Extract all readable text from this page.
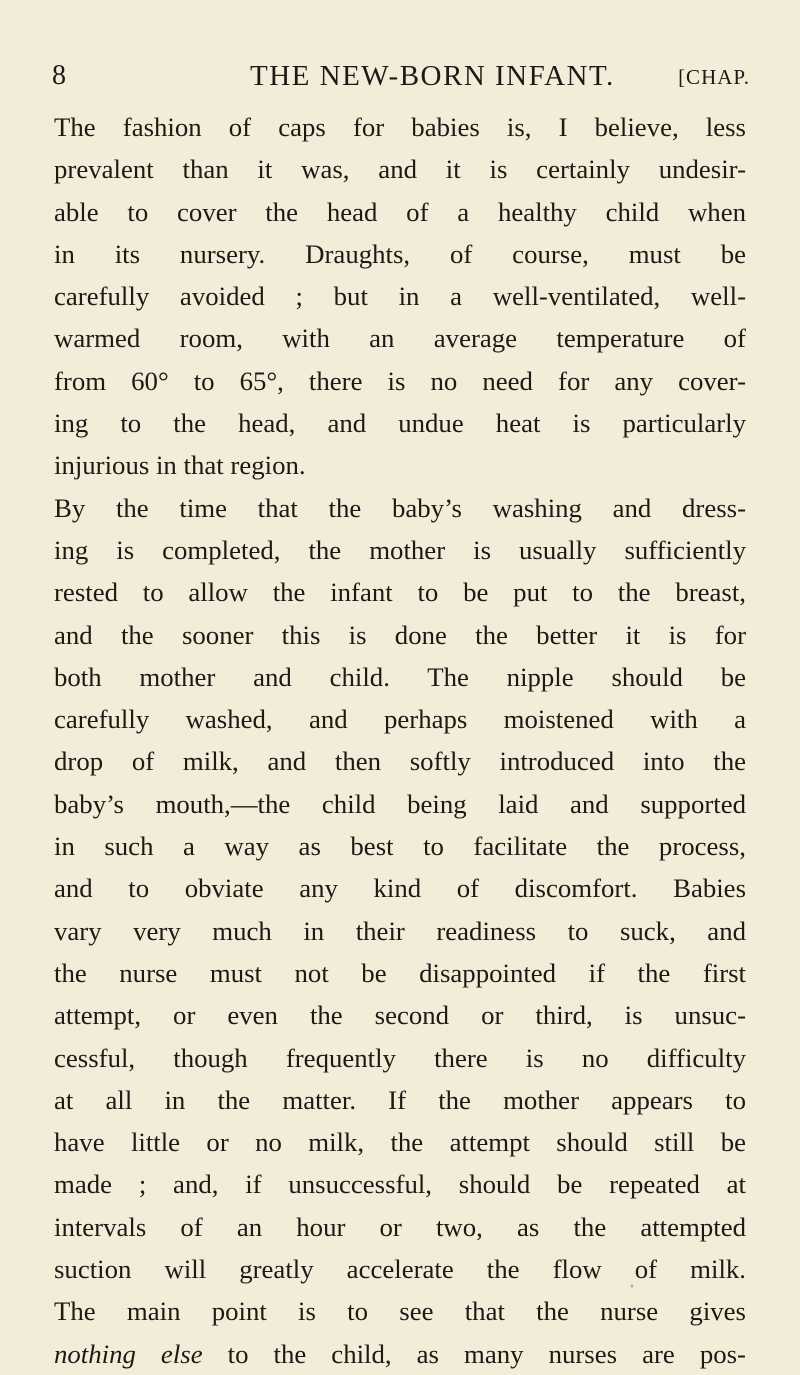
8	THE NEW-BORN INFANT.	[CHAP.
The fashion of caps for babies is, I believe, less
prevalent than it was, and it is certainly undesir-
able to cover the head of a healthy child when
in its nursery. Draughts, of course, must be
carefully avoided ; but in a well-ventilated, well-
warmed room, with an average temperature of
from 60° to 65°, there is no need for any cover-
ing to the head, and undue heat is particularly
injurious in that region.
By the time that the baby’s washing and dress-
ing is completed, the mother is usually sufficiently
rested to allow the infant to be put to the breast,
and the sooner this is done the better it is for
both mother and child. The nipple should be
carefully washed, and perhaps moistened with a
drop of milk, and then softly introduced into the
baby’s mouth,—the child being laid and supported
in such a way as best to facilitate the process,
and to obviate any kind of discomfort. Babies
vary very much in their readiness to suck, and
the nurse must not be disappointed if the first
attempt, or even the second or third, is unsuc-
cessful, though frequently there is no difficulty
at all in the matter. If the mother appears to
have little or no milk, the attempt should still be
made ; and, if unsuccessful, should be repeated at
intervals of an hour or two, as the attempted
suction will greatly accelerate the flow of milk.
The main point is to see that the nurse gives
nothing else to the child, as many nurses are pos-
•
